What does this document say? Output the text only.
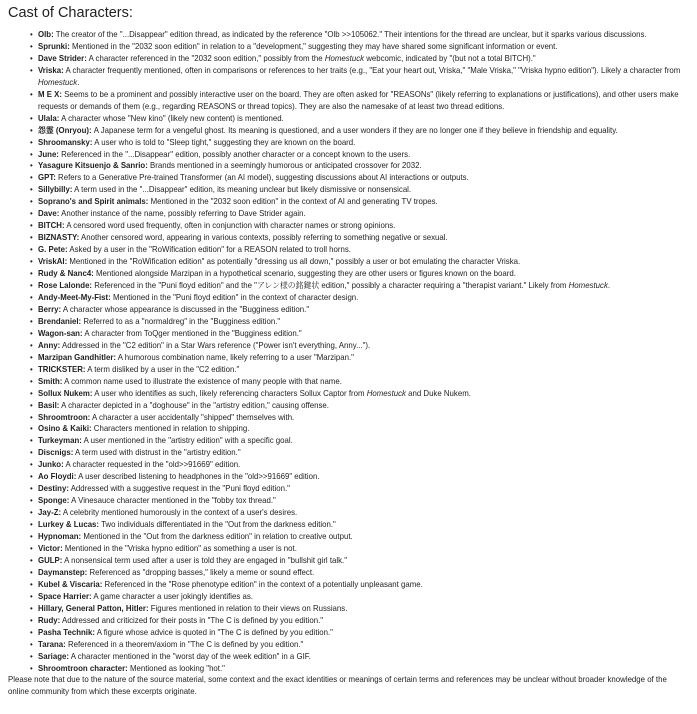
Cast of Characters:
• Olb: The creator of the "...Disappear" edition thread, as indicated by the reference "Olb >>105062." Their intentions for the thread are unclear, but it sparks various discussions.
• Sprunki: Mentioned in the "2032 soon edition" in relation to a "development," suggesting they may have shared some significant information or event.
• Dave Strider: A character referenced in the "2032 soon edition," possibly from the Homestuck webcomic, indicated by "(but not a total BITCH)."
• Vriska: A character frequently mentioned, often in comparisons or references to her traits (e.g., "Eat your heart out, Vriska," "Male Vriska," "Vriska hypno edition"). Likely a character from Homestuck.
• M E X: Seems to be a prominent and possibly interactive user on the board. They are often asked for "REASONs" (likely referring to explanations or justifications), and other users make requests or demands of them (e.g., regarding REASONS or thread topics). They are also the namesake of at least two thread editions.
• Ulala: A character whose "New kino" (likely new content) is mentioned.
• 怨霊 (Onryou): A Japanese term for a vengeful ghost. Its meaning is questioned, and a user wonders if they are no longer one if they believe in friendship and equality.
• Shroomansky: A user who is told to "Sleep tight," suggesting they are known on the board.
• June: Referenced in the "...Disappear" edition, possibly another character or a concept known to the users.
• Yasagure Kitsuenjo & Sanrio: Brands mentioned in a seemingly humorous or anticipated crossover for 2032.
• GPT: Refers to a Generative Pre-trained Transformer (an AI model), suggesting discussions about AI interactions or outputs.
• Sillybilly: A term used in the "...Disappear" edition, its meaning unclear but likely dismissive or nonsensical.
• Soprano's and Spirit animals: Mentioned in the "2032 soon edition" in the context of AI and generating TV tropes.
• Dave: Another instance of the name, possibly referring to Dave Strider again.
• BITCH: A censored word used frequently, often in conjunction with character names or strong opinions.
• BIZNASTY: Another censored word, appearing in various contexts, possibly referring to something negative or sexual.
• G. Pete: Asked by a user in the "RoWification edition" for a REASON related to troll horns.
• VriskAI: Mentioned in the "RoWification edition" as potentially "dressing us all down," possibly a user or bot emulating the character Vriska.
• Rudy & Nanc4: Mentioned alongside Marzipan in a hypothetical scenario, suggesting they are other users or figures known on the board.
• Rose Lalonde: Referenced in the "Puni floyd edition" and the "アレン様の銘鍵状 edition," possibly a character requiring a "therapist variant." Likely from Homestuck.
• Andy-Meet-My-Fist: Mentioned in the "Puni floyd edition" in the context of character design.
• Berry: A character whose appearance is discussed in the "Bugginess edition."
• Brendaniel: Referred to as a "normaldreg" in the "Bugginess edition."
• Wagon-san: A character from ToQger mentioned in the "Bugginess edition."
• Anny: Addressed in the "C2 edition" in a Star Wars reference ("Power isn't everything, Anny...").
• Marzipan Gandhitler: A humorous combination name, likely referring to a user "Marzipan."
• TRICKSTER: A term disliked by a user in the "C2 edition."
• Smith: A common name used to illustrate the existence of many people with that name.
• Sollux Nukem: A user who identifies as such, likely referencing characters Sollux Captor from Homestuck and Duke Nukem.
• Basil: A character depicted in a "doghouse" in the "artistry edition," causing offense.
• Shroomtroon: A character a user accidentally "shipped" themselves with.
• Osino & Kaiki: Characters mentioned in relation to shipping.
• Turkeyman: A user mentioned in the "artistry edition" with a specific goal.
• Discnigs: A term used with distrust in the "artistry edition."
• Junko: A character requested in the "old>>91669" edition.
• Ao Floydi: A user described listening to headphones in the "old>>91669" edition.
• Destiny: Addressed with a suggestive request in the "Puni floyd edition."
• Sponge: A Vinesauce character mentioned in the "fobby tox thread."
• Jay-Z: A celebrity mentioned humorously in the context of a user's desires.
• Lurkey & Lucas: Two individuals differentiated in the "Out from the darkness edition."
• Hypnoman: Mentioned in the "Out from the darkness edition" in relation to creative output.
• Victor: Mentioned in the "Vriska hypno edition" as something a user is not.
• GULP: A nonsensical term used after a user is told they are engaged in "bullshit girl talk."
• Daymanstep: Referenced as "dropping basses," likely a meme or sound effect.
• Kubel & Viscaria: Referenced in the "Rose phenotype edition" in the context of a potentially unpleasant game.
• Space Harrier: A game character a user jokingly identifies as.
• Hillary, General Patton, Hitler: Figures mentioned in relation to their views on Russians.
• Rudy: Addressed and criticized for their posts in "The C is defined by you edition."
• Pasha Technik: A figure whose advice is quoted in "The C is defined by you edition."
• Tarana: Referenced in a theorem/axiom in "The C is defined by you edition."
• Sariage: A character mentioned in the "worst day of the week edition" in a GIF.
• Shroomtroon character: Mentioned as looking "hot."

Please note that due to the nature of the source material, some context and the exact identities or meanings of certain terms and references may be unclear without broader knowledge of the online community from which these excerpts originate.
